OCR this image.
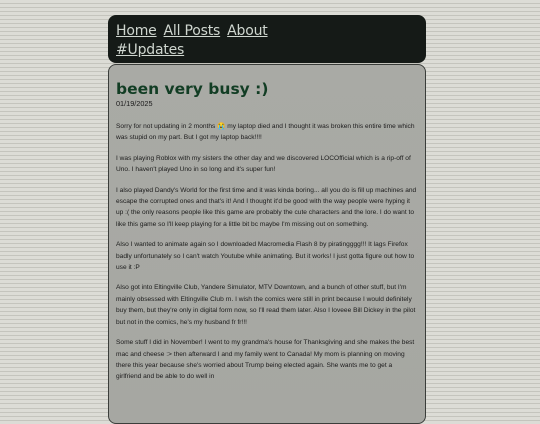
Home All Posts About
#Updates
been very busy :)
01/19/2025

Sorry for not updating in 2 months 😭 my laptop died and I thought it was broken this entire time which was stupid on my part. But I got my laptop back!!!!

I was playing Roblox with my sisters the other day and we discovered LOCOfficial which is a rip-off of Uno. I haven't played Uno in so long and it's super fun!

I also played Dandy's World for the first time and it was kinda boring... all you do is fill up machines and escape the corrupted ones and that's it! And I thought it'd be good with the way people were hyping it up :( the only reasons people like this game are probably the cute characters and the lore. I do want to like this game so I'll keep playing for a little bit bc maybe I'm missing out on something.

Also I wanted to animate again so I downloaded Macromedia Flash 8 by piratingggg!!! It lags Firefox badly unfortunately so I can't watch Youtube while animating. But it works! I just gotta figure out how to use it :P

Also got into Eltingville Club, Yandere Simulator, MTV Downtown, and a bunch of other stuff, but I'm mainly obsessed with Eltingville Club rn. I wish the comics were still in print because I would definitely buy them, but they're only in digital form now, so I'll read them later. Also I loveee Bill Dickey in the pilot but not in the comics, he's my husband fr fr!!!

Some stuff I did in November! I went to my grandma's house for Thanksgiving and she makes the best mac and cheese :> then afterward I and my family went to Canada! My mom is planning on moving there this year because she's worried about Trump being elected again. She wants me to get a girlfriend and be able to do well in
